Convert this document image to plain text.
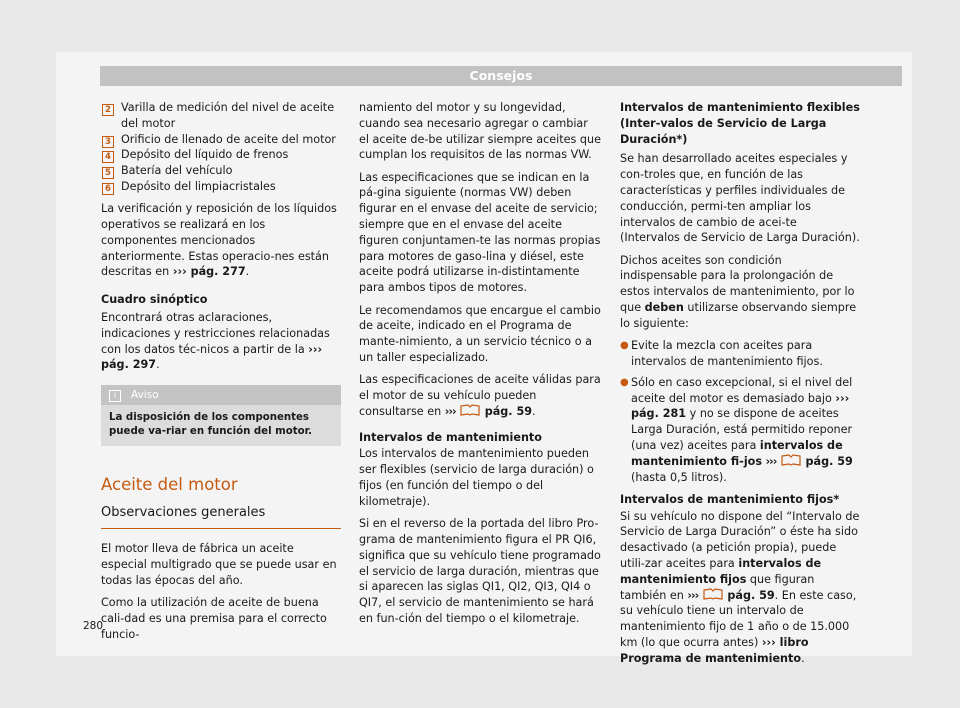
Consejos

2 Varilla de medición del nivel de aceite del motor

3 Orificio de llenado de aceite del motor

4 Depósito del líquido de frenos

5 Batería del vehículo

6 Depósito del limpiacristales

La verificación y reposición de los líquidos operativos se realizará en los componentes mencionados anteriormente. Estas operacio-nes están descritas en ››› pág. 277.

Cuadro sinóptico

Encontrará otras aclaraciones, indicaciones y restricciones relacionadas con los datos téc-nicos a partir de la ››› pág. 297.

i Aviso
La disposición de los componentes puede va-riar en función del motor.
Aceite del motor
Observaciones generales

El motor lleva de fábrica un aceite especial multigrado que se puede usar en todas las épocas del año.

Como la utilización de aceite de buena cali-dad es una premisa para el correcto funcio-

namiento del motor y su longevidad, cuando sea necesario agregar o cambiar el aceite de-be utilizar siempre aceites que cumplan los requisitos de las normas VW.

Las especificaciones que se indican en la pá-gina siguiente (normas VW) deben figurar en el envase del aceite de servicio; siempre que en el envase del aceite figuren conjuntamen-te las normas propias para motores de gaso-lina y diésel, este aceite podrá utilizarse in-distintamente para ambos tipos de motores.

Le recomendamos que encargue el cambio de aceite, indicado en el Programa de mante-nimiento, a un servicio técnico o a un taller especializado.

Las especificaciones de aceite válidas para el motor de su vehículo pueden consultarse en ›››	pág. 59.

Intervalos de mantenimiento

Los intervalos de mantenimiento pueden ser flexibles (servicio de larga duración) o fijos (en función del tiempo o del kilometraje).

Si en el reverso de la portada del libro Pro-grama de mantenimiento figura el PR QI6, significa que su vehículo tiene programado el servicio de larga duración, mientras que si aparecen las siglas QI1, QI2, QI3, QI4 o QI7, el servicio de mantenimiento se hará en fun-ción del tiempo o el kilometraje.

Intervalos de mantenimiento flexibles (Inter-valos de Servicio de Larga Duración*)

Se han desarrollado aceites especiales y con-troles que, en función de las características y perfiles individuales de conducción, permi-ten ampliar los intervalos de cambio de acei-te (Intervalos de Servicio de Larga Duración).

Dichos aceites son condición indispensable para la prolongación de estos intervalos de mantenimiento, por lo que deben utilizarse observando siempre lo siguiente:

● Evite la mezcla con aceites para intervalos de mantenimiento fijos.

● Sólo en caso excepcional, si el nivel del aceite del motor es demasiado bajo ››› pág. 281 y no se dispone de aceites Larga Duración, está permitido reponer (una vez) aceites para intervalos de mantenimiento fi-jos ›››	pág. 59 (hasta 0,5 litros).

Intervalos de mantenimiento fijos*

Si su vehículo no dispone del “Intervalo de Servicio de Larga Duración” o éste ha sido desactivado (a petición propia), puede utili-zar aceites para intervalos de mantenimiento fijos que figuran también en ›››	pág. 59. En este caso, su vehículo tiene un intervalo de mantenimiento fijo de 1 año o de 15.000 km (lo que ocurra antes) ››› libro Programa de mantenimiento.

280
